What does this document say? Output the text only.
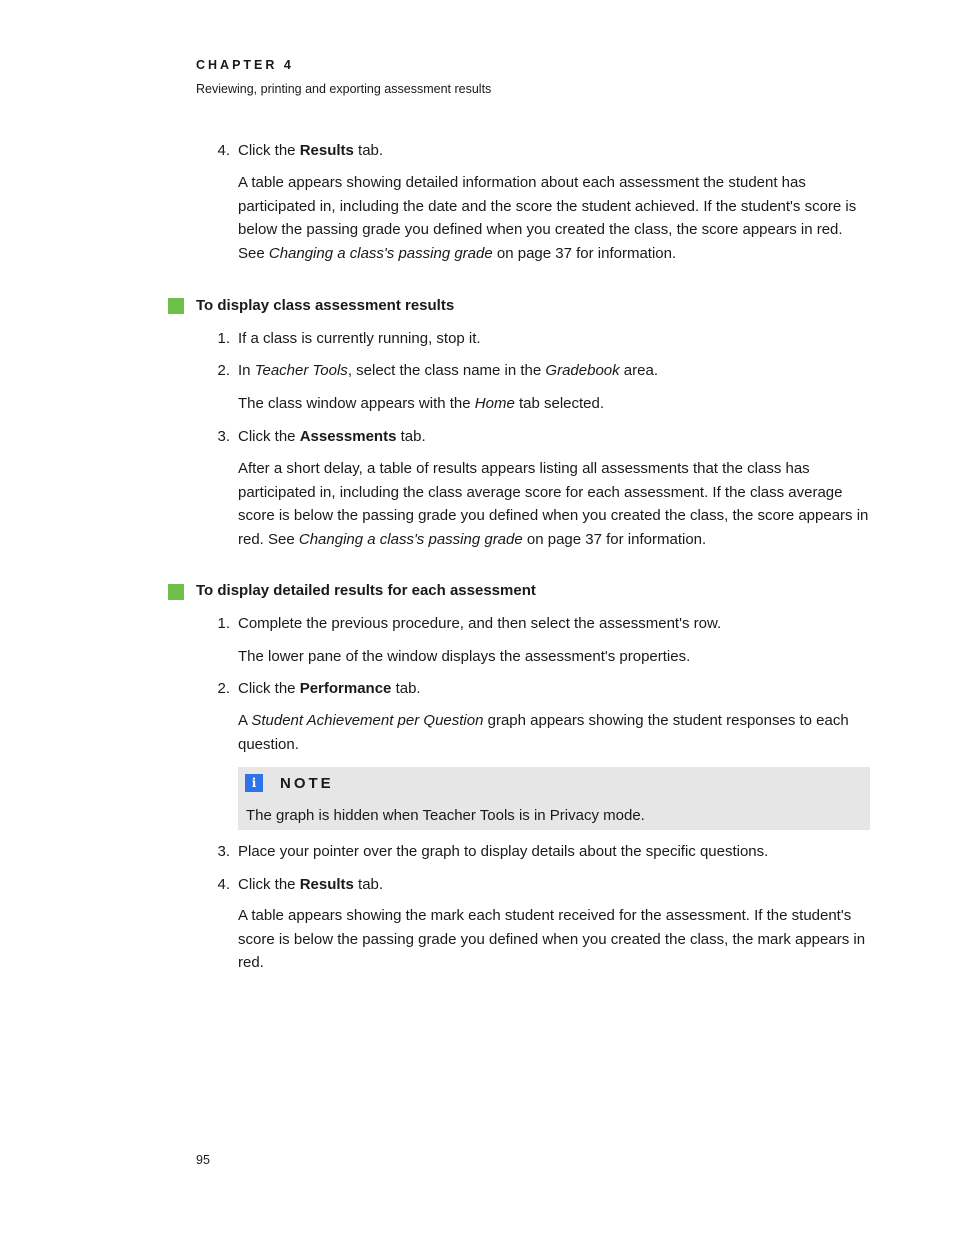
CHAPTER 4
Reviewing, printing and exporting assessment results
4. Click the Results tab.
A table appears showing detailed information about each assessment the student has participated in, including the date and the score the student achieved. If the student's score is below the passing grade you defined when you created the class, the score appears in red. See Changing a class's passing grade on page 37 for information.
To display class assessment results
1. If a class is currently running, stop it.
2. In Teacher Tools, select the class name in the Gradebook area.
The class window appears with the Home tab selected.
3. Click the Assessments tab.
After a short delay, a table of results appears listing all assessments that the class has participated in, including the class average score for each assessment. If the class average score is below the passing grade you defined when you created the class, the score appears in red. See Changing a class's passing grade on page 37 for information.
To display detailed results for each assessment
1. Complete the previous procedure, and then select the assessment's row.
The lower pane of the window displays the assessment's properties.
2. Click the Performance tab.
A Student Achievement per Question graph appears showing the student responses to each question.
i	NOTE
The graph is hidden when Teacher Tools is in Privacy mode.
3. Place your pointer over the graph to display details about the specific questions.
4. Click the Results tab.
A table appears showing the mark each student received for the assessment. If the student's score is below the passing grade you defined when you created the class, the mark appears in red.
95
